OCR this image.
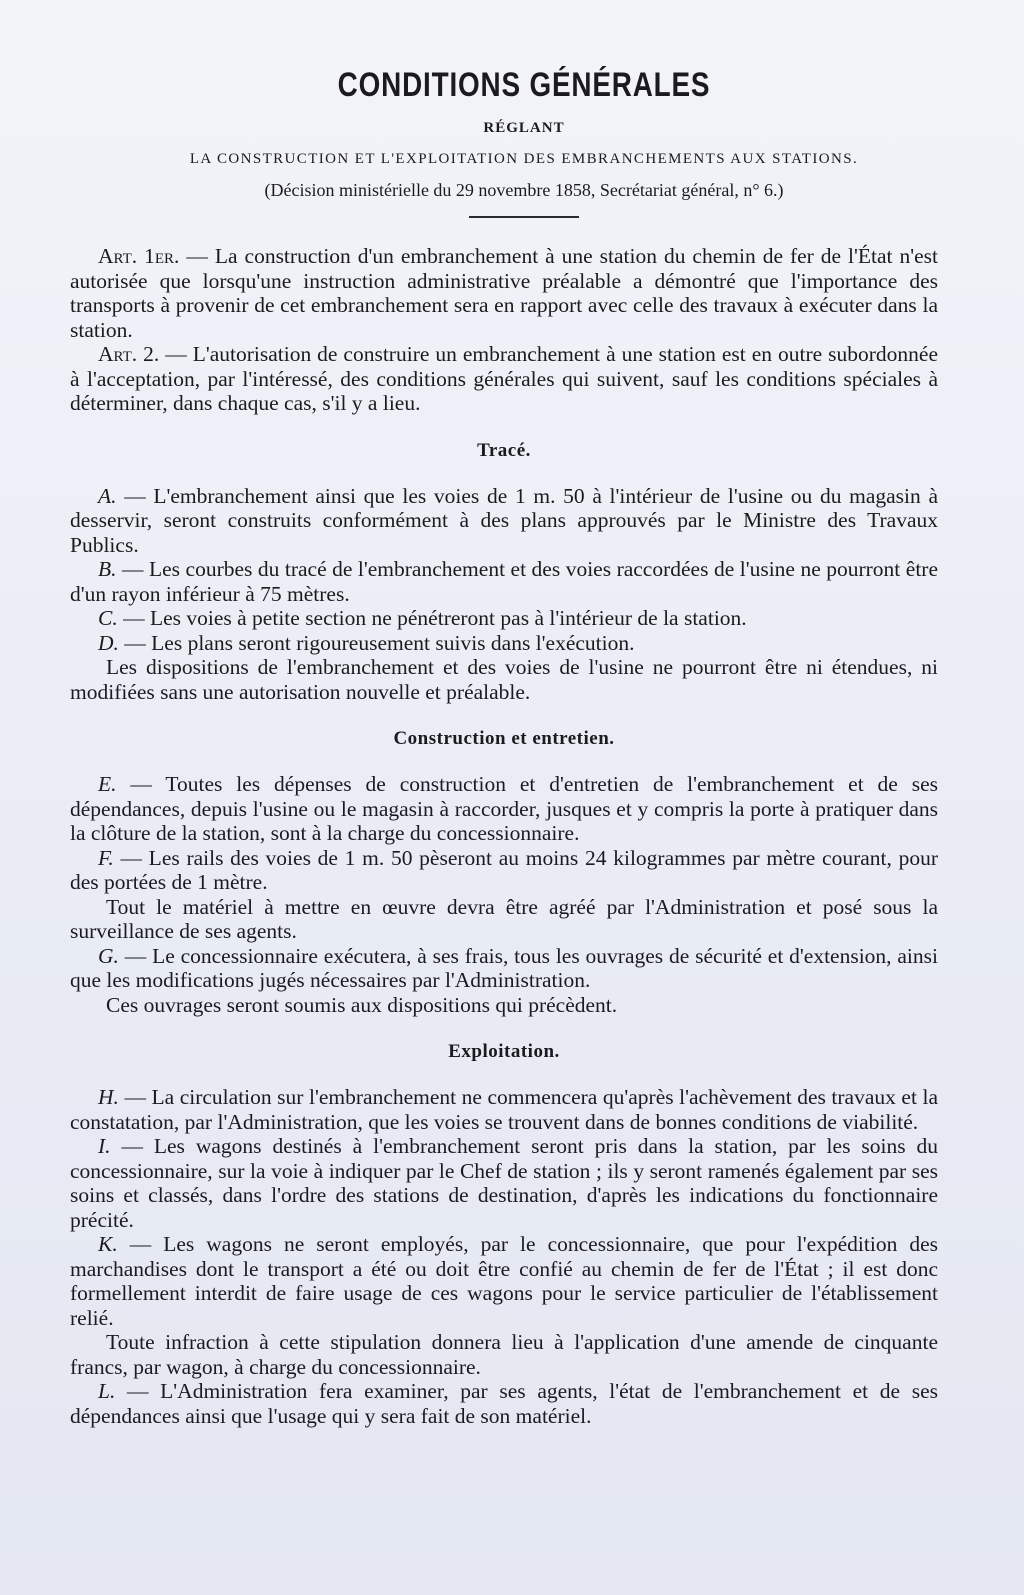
CONDITIONS GÉNÉRALES
RÉGLANT
LA CONSTRUCTION ET L'EXPLOITATION DES EMBRANCHEMENTS AUX STATIONS.
(Décision ministérielle du 29 novembre 1858, Secrétariat général, n° 6.)

Art. 1er. — La construction d'un embranchement à une station du chemin de fer de l'État n'est autorisée que lorsqu'une instruction administrative préalable a démontré que l'importance des transports à provenir de cet embranchement sera en rapport avec celle des travaux à exécuter dans la station.

Art. 2. — L'autorisation de construire un embranchement à une station est en outre subordonnée à l'acceptation, par l'intéressé, des conditions générales qui suivent, sauf les conditions spéciales à déterminer, dans chaque cas, s'il y a lieu.

Tracé.

A. — L'embranchement ainsi que les voies de 1 m. 50 à l'intérieur de l'usine ou du magasin à desservir, seront construits conformément à des plans approuvés par le Ministre des Travaux Publics.

B. — Les courbes du tracé de l'embranchement et des voies raccordées de l'usine ne pourront être d'un rayon inférieur à 75 mètres.

C. — Les voies à petite section ne pénétreront pas à l'intérieur de la station.

D. — Les plans seront rigoureusement suivis dans l'exécution.

Les dispositions de l'embranchement et des voies de l'usine ne pourront être ni étendues, ni modifiées sans une autorisation nouvelle et préalable.

Construction et entretien.

E. — Toutes les dépenses de construction et d'entretien de l'embranchement et de ses dépendances, depuis l'usine ou le magasin à raccorder, jusques et y compris la porte à pratiquer dans la clôture de la station, sont à la charge du concessionnaire.

F. — Les rails des voies de 1 m. 50 pèseront au moins 24 kilogrammes par mètre courant, pour des portées de 1 mètre.

Tout le matériel à mettre en œuvre devra être agréé par l'Administration et posé sous la surveillance de ses agents.

G. — Le concessionnaire exécutera, à ses frais, tous les ouvrages de sécurité et d'extension, ainsi que les modifications jugés nécessaires par l'Administration.

Ces ouvrages seront soumis aux dispositions qui précèdent.

Exploitation.

H. — La circulation sur l'embranchement ne commencera qu'après l'achèvement des travaux et la constatation, par l'Administration, que les voies se trouvent dans de bonnes conditions de viabilité.

I. — Les wagons destinés à l'embranchement seront pris dans la station, par les soins du concessionnaire, sur la voie à indiquer par le Chef de station ; ils y seront ramenés également par ses soins et classés, dans l'ordre des stations de destination, d'après les indications du fonctionnaire précité.

K. — Les wagons ne seront employés, par le concessionnaire, que pour l'expédition des marchandises dont le transport a été ou doit être confié au chemin de fer de l'État ; il est donc formellement interdit de faire usage de ces wagons pour le service particulier de l'établissement relié.

Toute infraction à cette stipulation donnera lieu à l'application d'une amende de cinquante francs, par wagon, à charge du concessionnaire.

L. — L'Administration fera examiner, par ses agents, l'état de l'embranchement et de ses dépendances ainsi que l'usage qui y sera fait de son matériel.
